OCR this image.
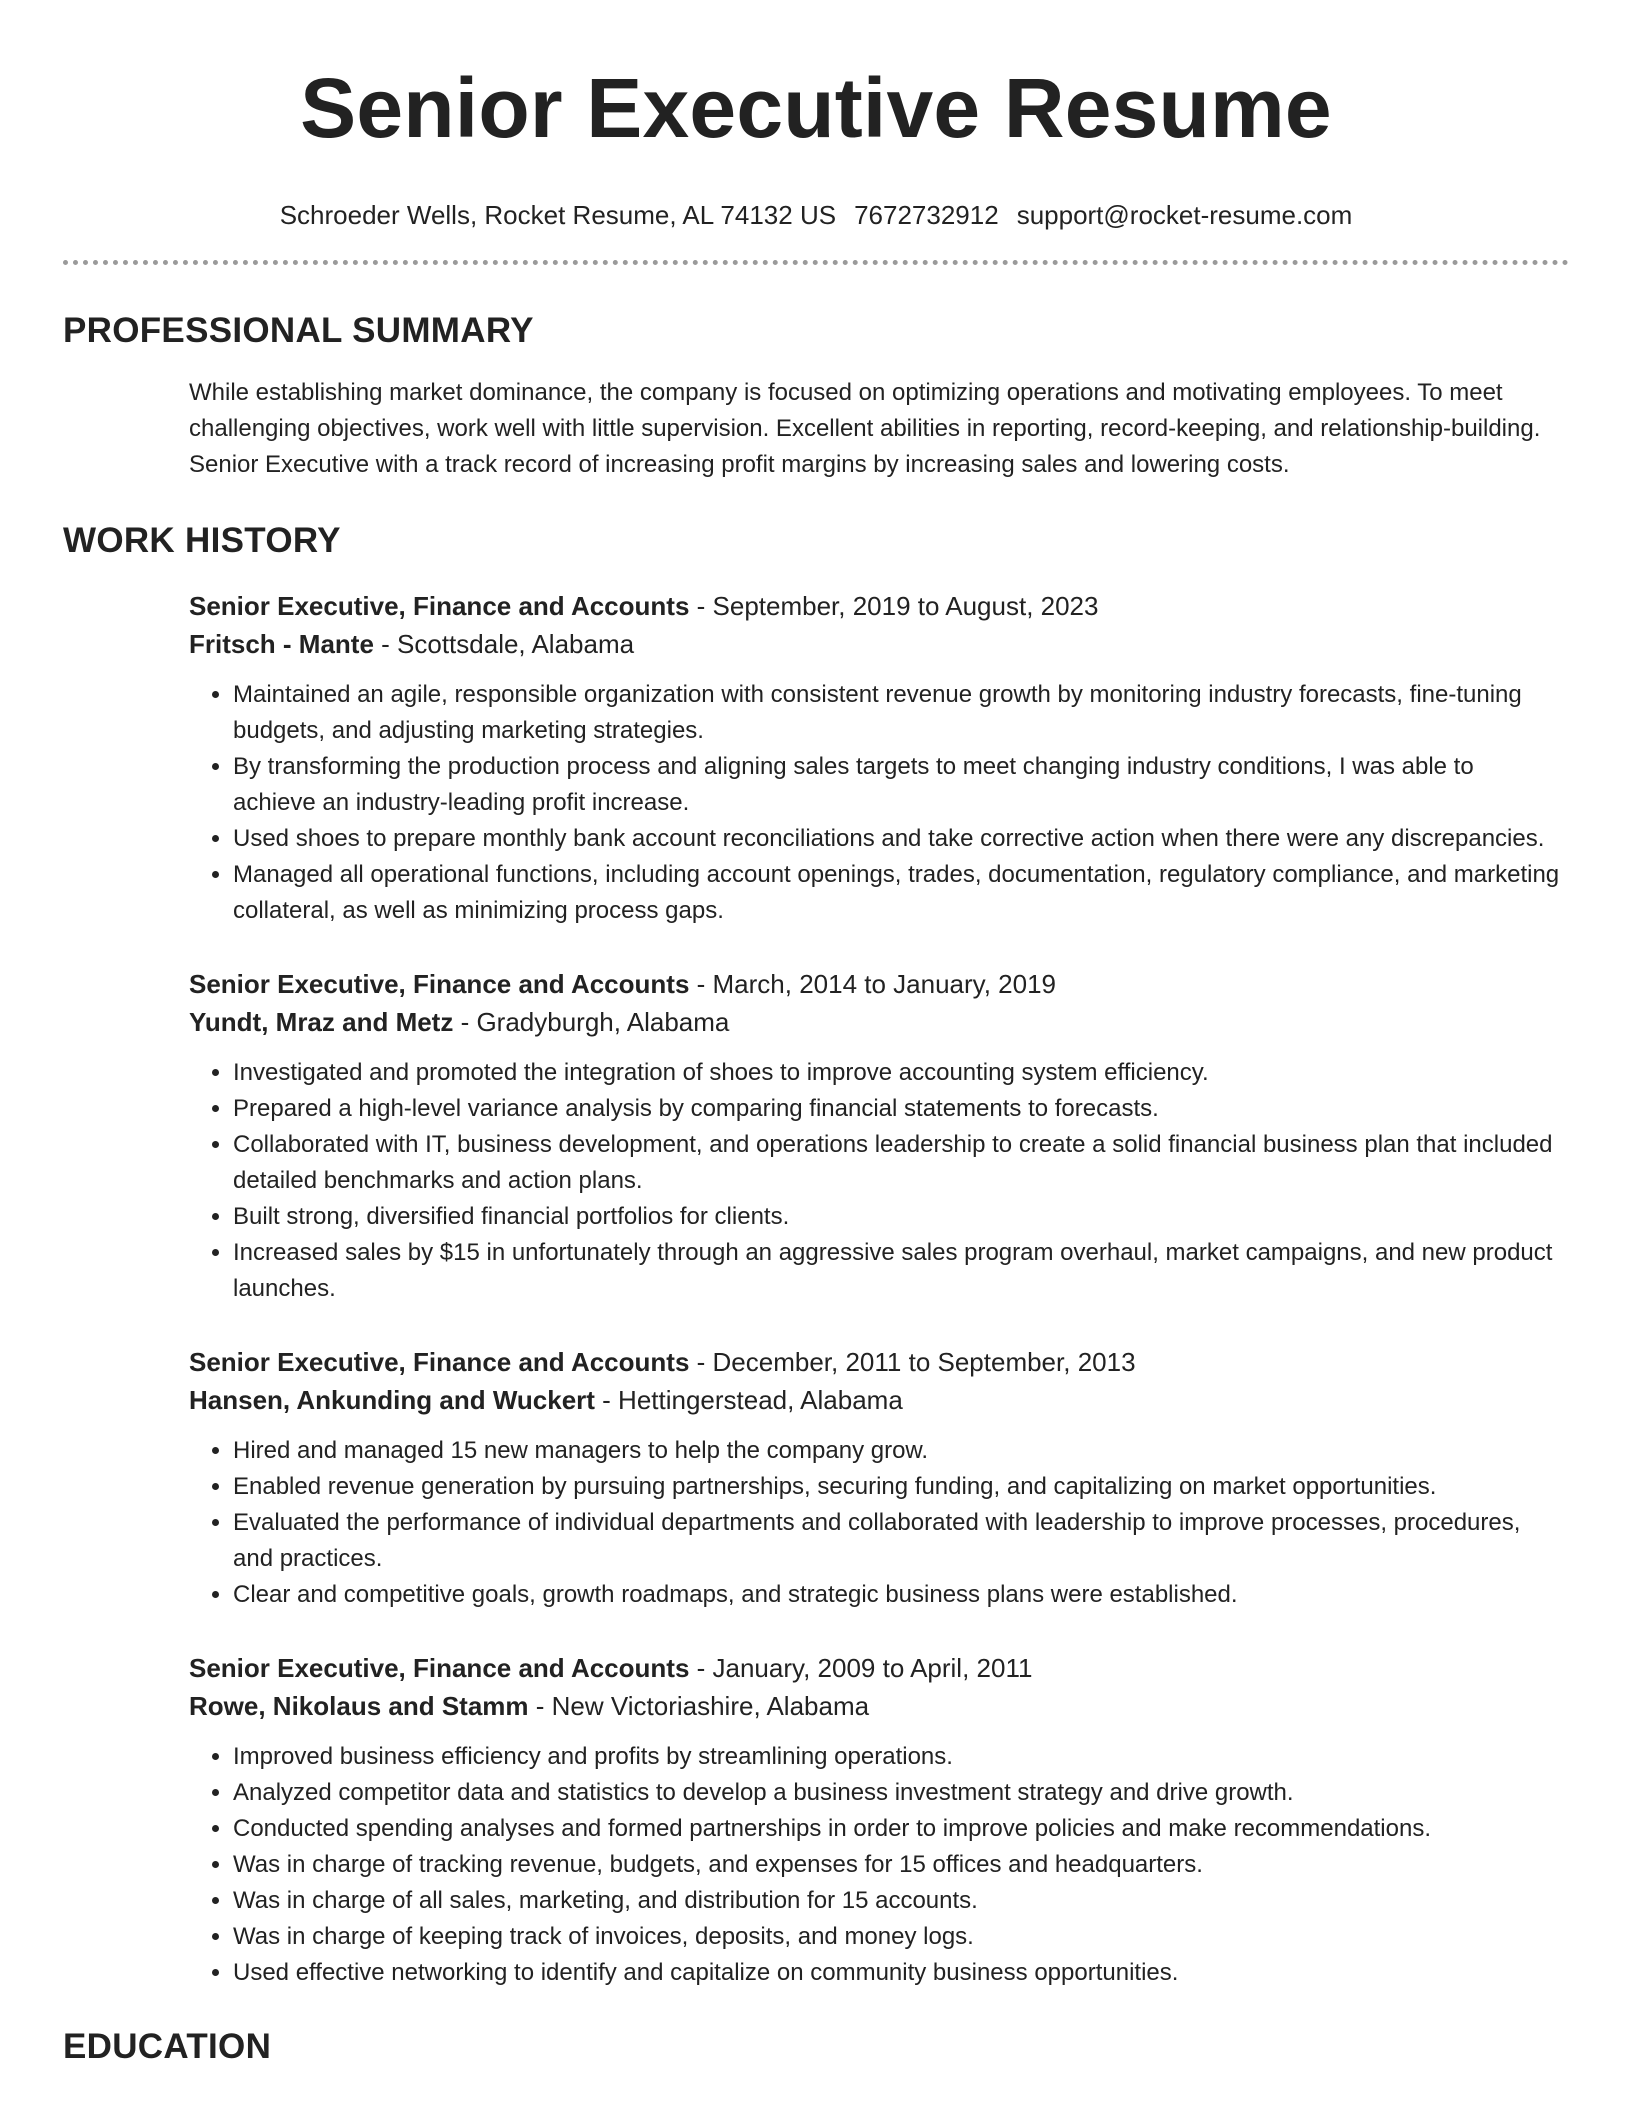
Senior Executive Resume
Schroeder Wells, Rocket Resume, AL 74132 US 7672732912 support@rocket-resume.com
PROFESSIONAL SUMMARY

While establishing market dominance, the company is focused on optimizing operations and motivating employees. To meet challenging objectives, work well with little supervision. Excellent abilities in reporting, record-keeping, and relationship-building. Senior Executive with a track record of increasing profit margins by increasing sales and lowering costs.

WORK HISTORY
Senior Executive, Finance and Accounts - September, 2019 to August, 2023
Fritsch - Mante - Scottsdale, Alabama
• Maintained an agile, responsible organization with consistent revenue growth by monitoring industry forecasts, fine-tuning budgets, and adjusting marketing strategies.
• By transforming the production process and aligning sales targets to meet changing industry conditions, I was able to achieve an industry-leading profit increase.
• Used shoes to prepare monthly bank account reconciliations and take corrective action when there were any discrepancies.
• Managed all operational functions, including account openings, trades, documentation, regulatory compliance, and marketing collateral, as well as minimizing process gaps.
Senior Executive, Finance and Accounts - March, 2014 to January, 2019
Yundt, Mraz and Metz - Gradyburgh, Alabama
• Investigated and promoted the integration of shoes to improve accounting system efficiency.
• Prepared a high-level variance analysis by comparing financial statements to forecasts.
• Collaborated with IT, business development, and operations leadership to create a solid financial business plan that included detailed benchmarks and action plans.
• Built strong, diversified financial portfolios for clients.
• Increased sales by $15 in unfortunately through an aggressive sales program overhaul, market campaigns, and new product launches.
Senior Executive, Finance and Accounts - December, 2011 to September, 2013
Hansen, Ankunding and Wuckert - Hettingerstead, Alabama
• Hired and managed 15 new managers to help the company grow.
• Enabled revenue generation by pursuing partnerships, securing funding, and capitalizing on market opportunities.
• Evaluated the performance of individual departments and collaborated with leadership to improve processes, procedures, and practices.
• Clear and competitive goals, growth roadmaps, and strategic business plans were established.
Senior Executive, Finance and Accounts - January, 2009 to April, 2011
Rowe, Nikolaus and Stamm - New Victoriashire, Alabama
• Improved business efficiency and profits by streamlining operations.
• Analyzed competitor data and statistics to develop a business investment strategy and drive growth.
• Conducted spending analyses and formed partnerships in order to improve policies and make recommendations.
• Was in charge of tracking revenue, budgets, and expenses for 15 offices and headquarters.
• Was in charge of all sales, marketing, and distribution for 15 accounts.
• Was in charge of keeping track of invoices, deposits, and money logs.
• Used effective networking to identify and capitalize on community business opportunities.
EDUCATION
